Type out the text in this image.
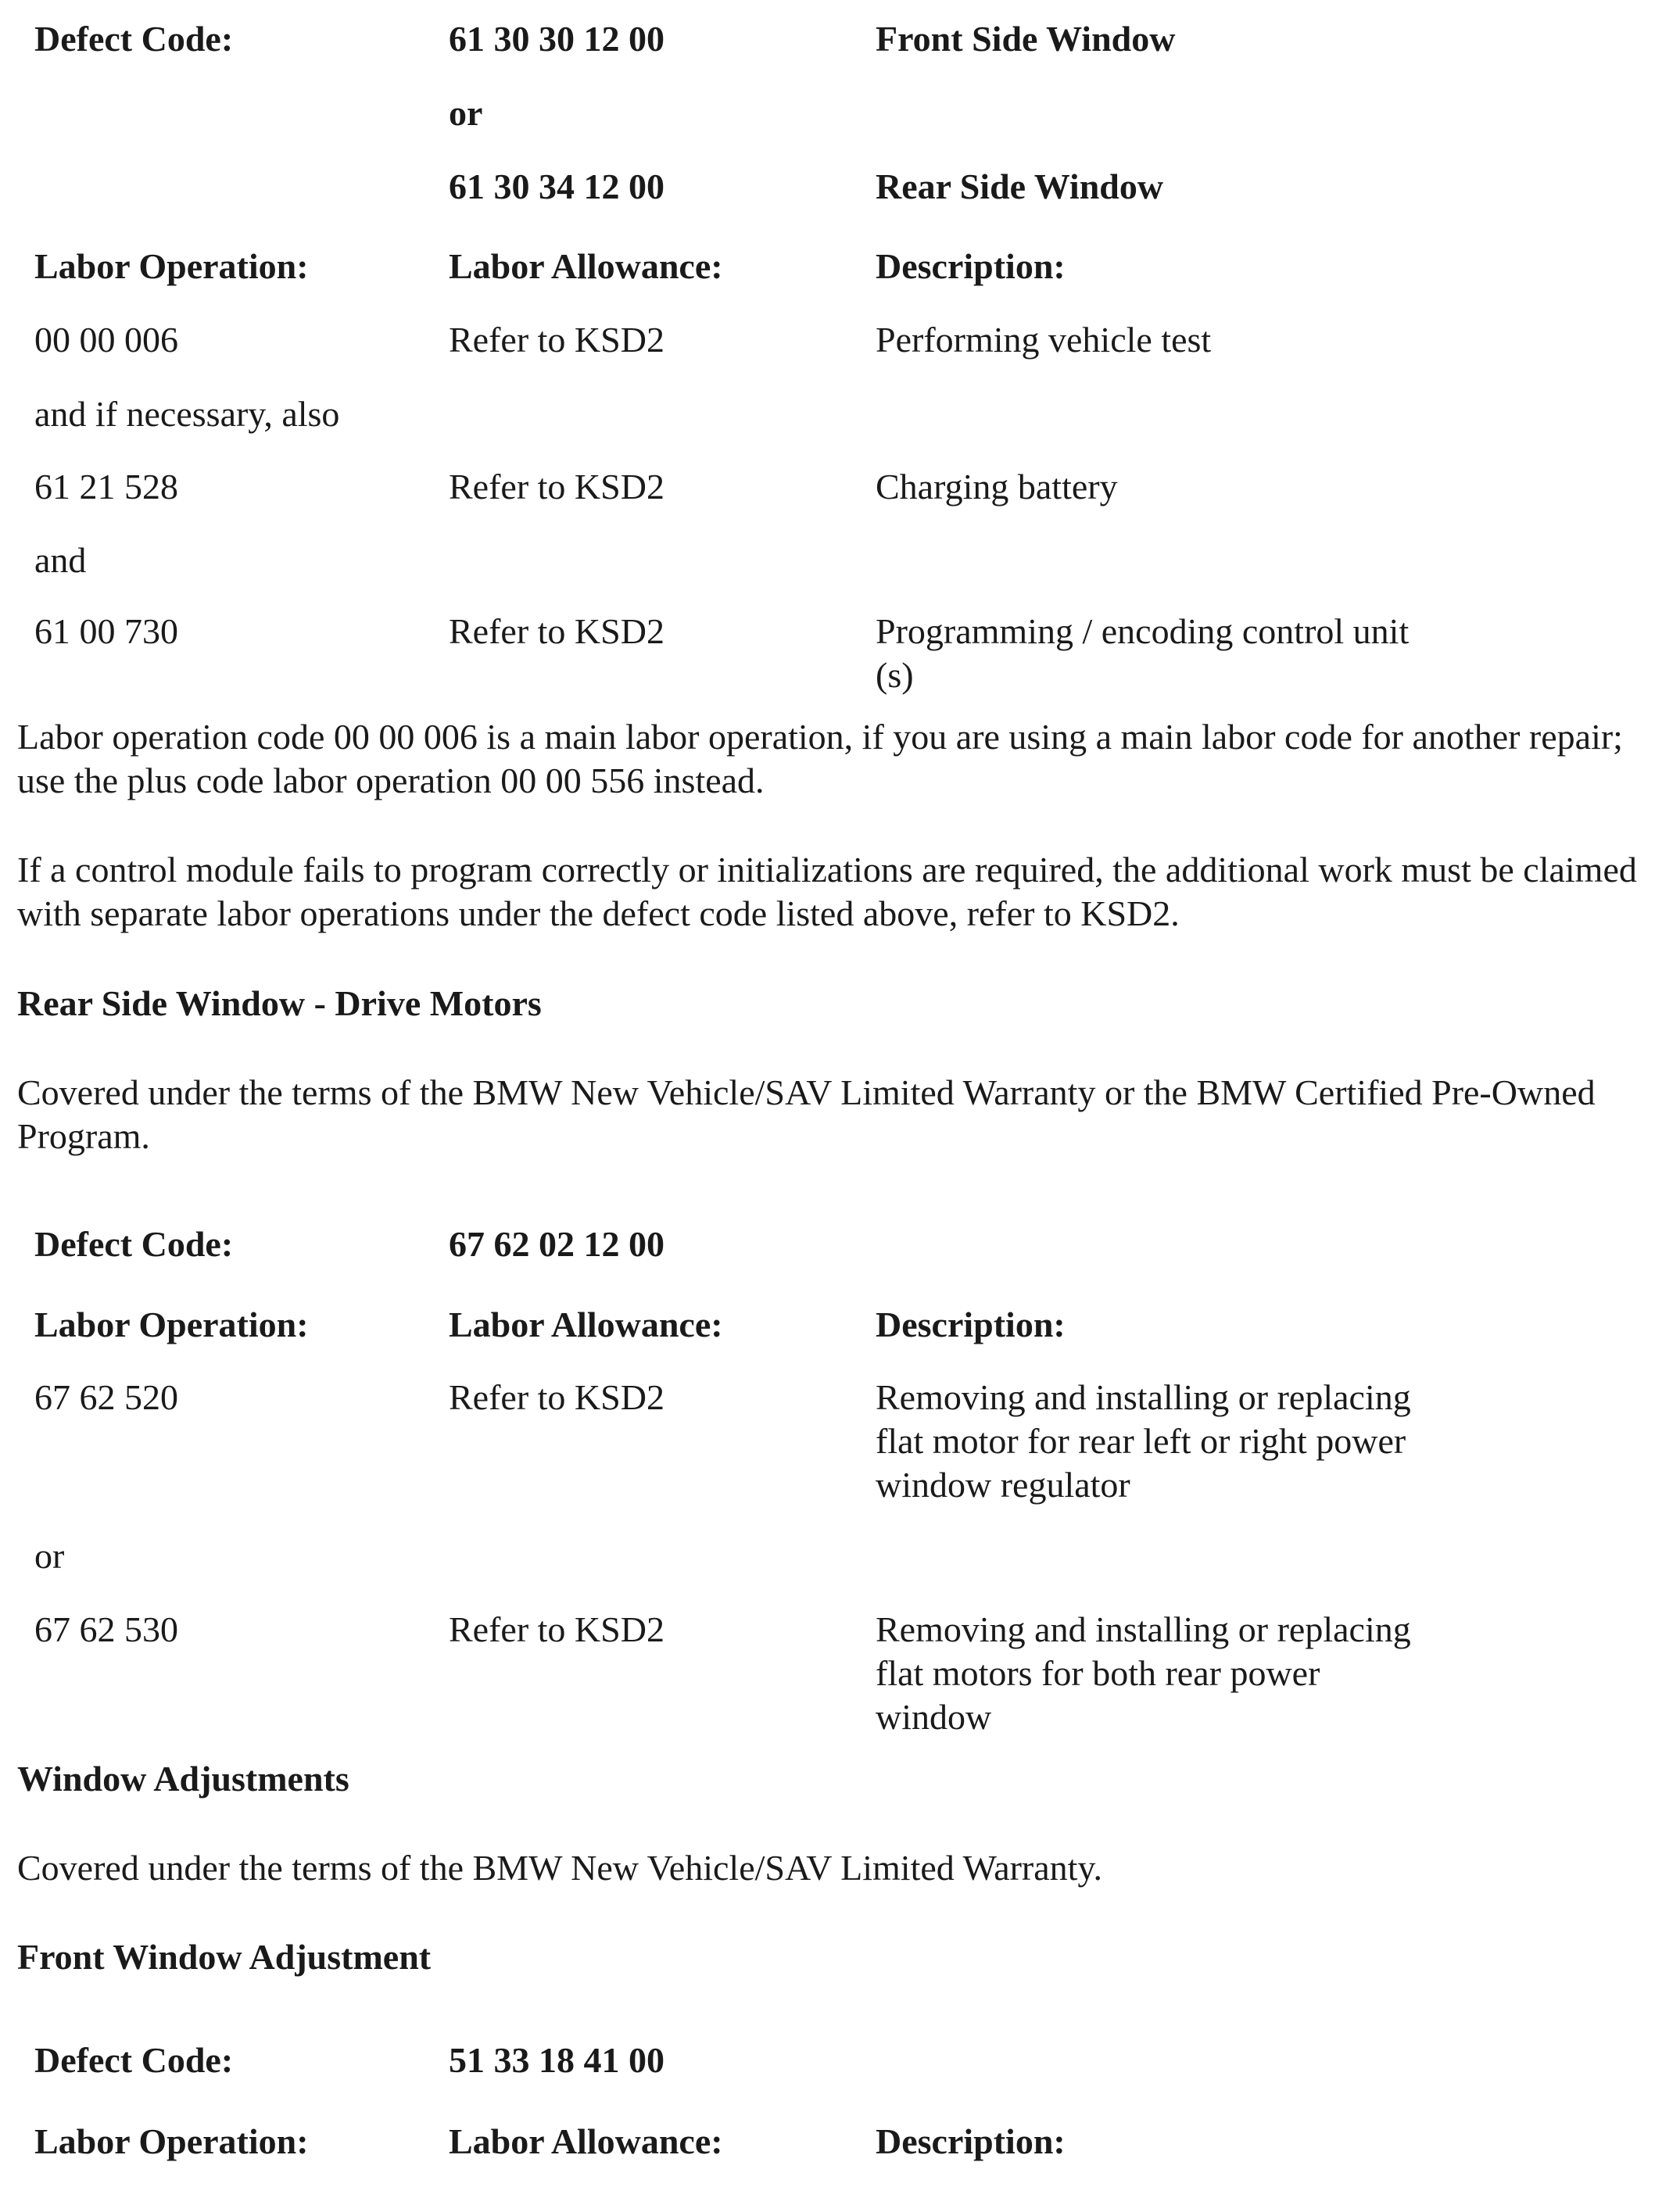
Defect Code:	61 30 30 12 00	Front Side Window
or
61 30 34 12 00	Rear Side Window
Labor Operation:	Labor Allowance:	Description:
00 00 006	Refer to KSD2	Performing vehicle test
and if necessary, also
61 21 528	Refer to KSD2	Charging battery
and
61 00 730	Refer to KSD2	Programming / encoding control unit
(s)
Labor operation code 00 00 006 is a main labor operation, if you are using a main labor code for another repair; use the plus code labor operation 00 00 556 instead.
If a control module fails to program correctly or initializations are required, the additional work must be claimed with separate labor operations under the defect code listed above, refer to KSD2.
Rear Side Window - Drive Motors
Covered under the terms of the BMW New Vehicle/SAV Limited Warranty or the BMW Certified Pre-Owned Program.
Defect Code:	67 62 02 12 00
Labor Operation:	Labor Allowance:	Description:
67 62 520	Refer to KSD2	Removing and installing or replacing
flat motor for rear left or right power
window regulator
or
67 62 530	Refer to KSD2	Removing and installing or replacing
flat motors for both rear power
window
Window Adjustments
Covered under the terms of the BMW New Vehicle/SAV Limited Warranty.
Front Window Adjustment
Defect Code:	51 33 18 41 00
Labor Operation:	Labor Allowance:	Description:
